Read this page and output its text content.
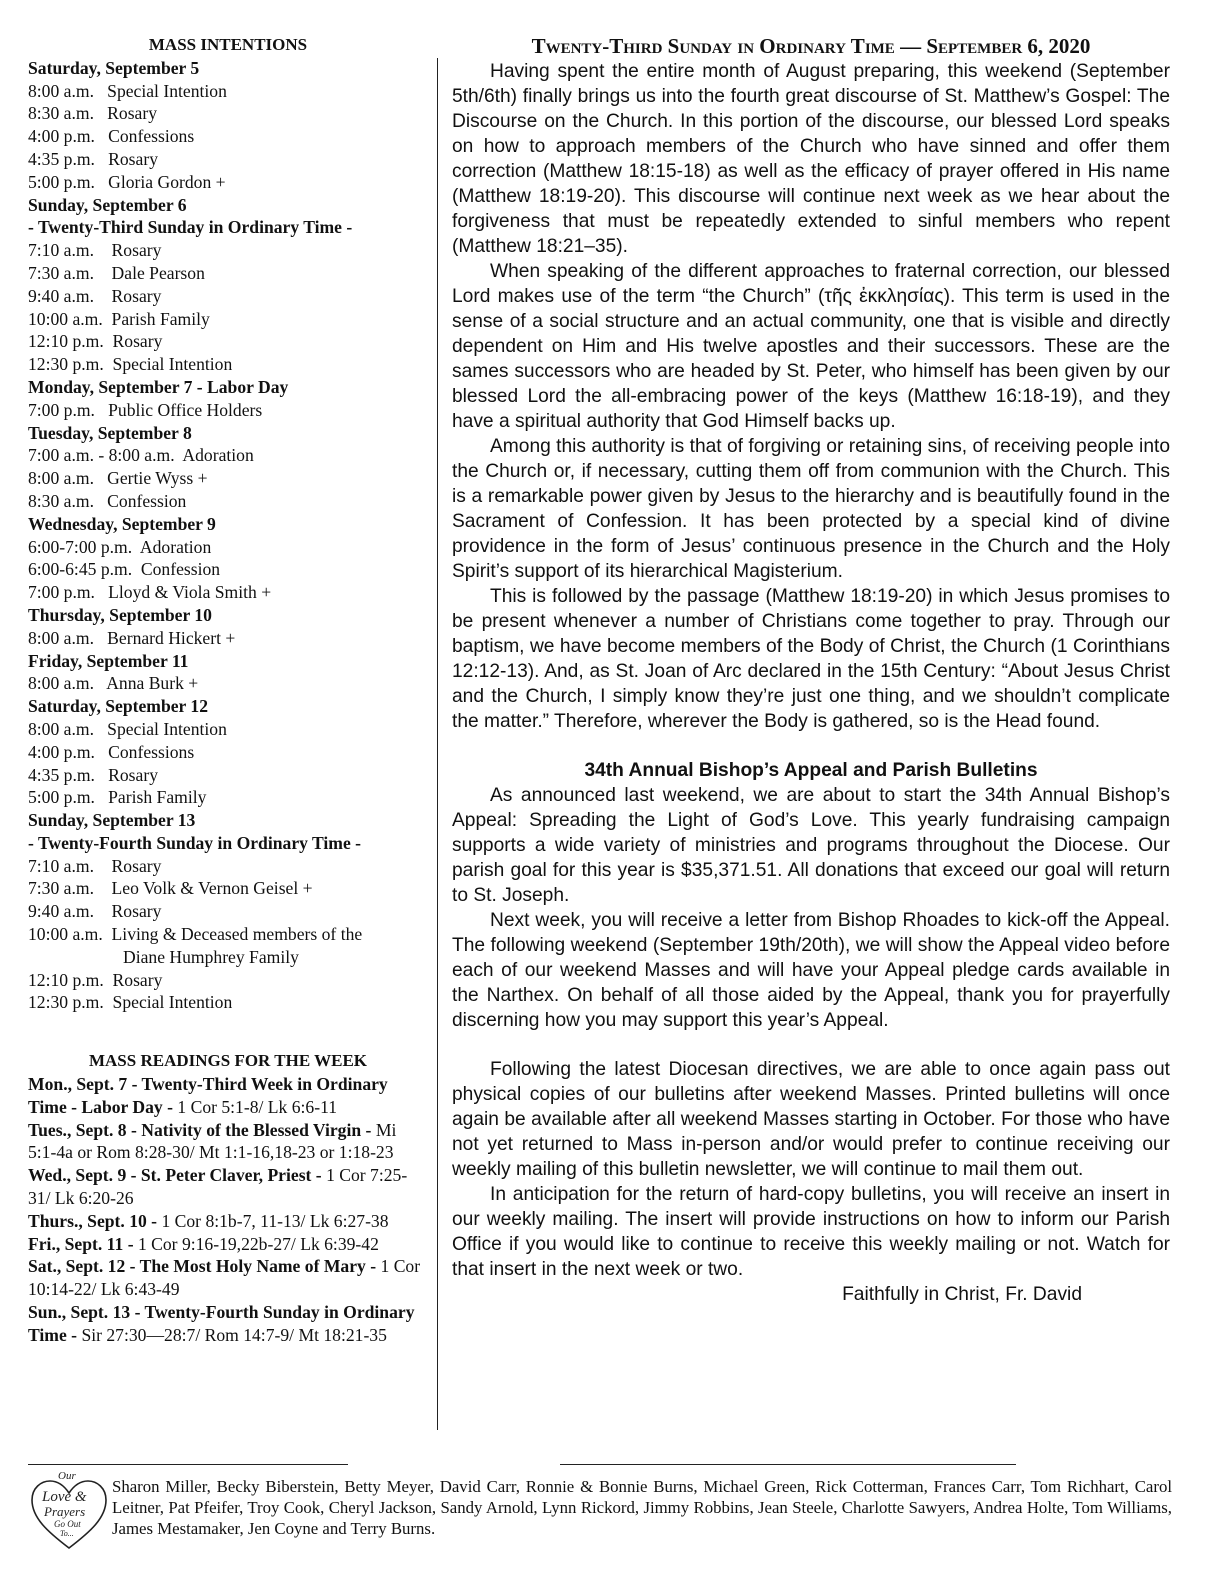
MASS INTENTIONS
Saturday, September 5
8:00 a.m.   Special Intention
8:30 a.m.   Rosary
4:00 p.m.   Confessions
4:35 p.m.   Rosary
5:00 p.m.   Gloria Gordon +
Sunday, September 6
- Twenty-Third Sunday in Ordinary Time -
7:10 a.m.    Rosary
7:30 a.m.    Dale Pearson
9:40 a.m.    Rosary
10:00 a.m.  Parish Family
12:10 p.m.  Rosary
12:30 p.m.  Special Intention
Monday, September 7 - Labor Day
7:00 p.m.   Public Office Holders
Tuesday, September 8
7:00 a.m. - 8:00 a.m.  Adoration
8:00 a.m.   Gertie Wyss +
8:30 a.m.   Confession
Wednesday, September 9
6:00-7:00 p.m.  Adoration
6:00-6:45 p.m.  Confession
7:00 p.m.   Lloyd & Viola Smith +
Thursday, September 10
8:00 a.m.   Bernard Hickert +
Friday, September 11
8:00 a.m.   Anna Burk +
Saturday, September 12
8:00 a.m.   Special Intention
4:00 p.m.   Confessions
4:35 p.m.   Rosary
5:00 p.m.   Parish Family
Sunday, September 13
- Twenty-Fourth Sunday in Ordinary Time -
7:10 a.m.    Rosary
7:30 a.m.    Leo Volk & Vernon Geisel +
9:40 a.m.    Rosary
10:00 a.m.  Living & Deceased members of the
Diane Humphrey Family
12:10 p.m.  Rosary
12:30 p.m.  Special Intention
MASS READINGS FOR THE WEEK

Mon., Sept. 7 - Twenty-Third Week in Ordinary Time - Labor Day - 1 Cor 5:1-8/ Lk 6:6-11

Tues., Sept. 8 - Nativity of the Blessed Virgin - Mi 5:1-4a or Rom 8:28-30/ Mt 1:1-16,18-23 or 1:18-23

Wed., Sept. 9 - St. Peter Claver, Priest - 1 Cor 7:25-31/ Lk 6:20-26

Thurs., Sept. 10 - 1 Cor 8:1b-7, 11-13/ Lk 6:27-38

Fri., Sept. 11 - 1 Cor 9:16-19,22b-27/ Lk 6:39-42

Sat., Sept. 12 - The Most Holy Name of Mary - 1 Cor 10:14-22/ Lk 6:43-49

Sun., Sept. 13 - Twenty-Fourth Sunday in Ordinary Time - Sir 27:30—28:7/ Rom 14:7-9/ Mt 18:21-35

Twenty-Third Sunday in Ordinary Time — September 6, 2020

Having spent the entire month of August preparing, this weekend (September 5th/6th) finally brings us into the fourth great discourse of St. Matthew’s Gospel: The Discourse on the Church. In this portion of the discourse, our blessed Lord speaks on how to approach members of the Church who have sinned and offer them correction (Matthew 18:15-18) as well as the efficacy of prayer offered in His name (Matthew 18:19-20). This discourse will continue next week as we hear about the forgiveness that must be repeatedly extended to sinful members who repent (Matthew 18:21–35).

When speaking of the different approaches to fraternal correction, our blessed Lord makes use of the term “the Church” (τῆς ἐκκλησίας). This term is used in the sense of a social structure and an actual community, one that is visible and directly dependent on Him and His twelve apostles and their successors. These are the sames successors who are headed by St. Peter, who himself has been given by our blessed Lord the all-embracing power of the keys (Matthew 16:18-19), and they have a spiritual authority that God Himself backs up.

Among this authority is that of forgiving or retaining sins, of receiving people into the Church or, if necessary, cutting them off from communion with the Church. This is a remarkable power given by Jesus to the hierarchy and is beautifully found in the Sacrament of Confession. It has been protected by a special kind of divine providence in the form of Jesus’ continuous presence in the Church and the Holy Spirit’s support of its hierarchical Magisterium.

This is followed by the passage (Matthew 18:19-20) in which Jesus promises to be present whenever a number of Christians come together to pray. Through our baptism, we have become members of the Body of Christ, the Church (1 Corinthians 12:12-13). And, as St. Joan of Arc declared in the 15th Century: “About Jesus Christ and the Church, I simply know they’re just one thing, and we shouldn’t complicate the matter.” Therefore, wherever the Body is gathered, so is the Head found.

34th Annual Bishop’s Appeal and Parish Bulletins

As announced last weekend, we are about to start the 34th Annual Bishop’s Appeal: Spreading the Light of God’s Love. This yearly fundraising campaign supports a wide variety of ministries and programs throughout the Diocese. Our parish goal for this year is $35,371.51. All donations that exceed our goal will return to St. Joseph.

Next week, you will receive a letter from Bishop Rhoades to kick-off the Appeal. The following weekend (September 19th/20th), we will show the Appeal video before each of our weekend Masses and will have your Appeal pledge cards available in the Narthex. On behalf of all those aided by the Appeal, thank you for prayerfully discerning how you may support this year’s Appeal.

Following the latest Diocesan directives, we are able to once again pass out physical copies of our bulletins after weekend Masses. Printed bulletins will once again be available after all weekend Masses starting in October. For those who have not yet returned to Mass in-person and/or would prefer to continue receiving our weekly mailing of this bulletin newsletter, we will continue to mail them out.

In anticipation for the return of hard-copy bulletins, you will receive an insert in our weekly mailing. The insert will provide instructions on how to inform our Parish Office if you would like to continue to receive this weekly mailing or not. Watch for that insert in the next week or two.

Faithfully in Christ, Fr. David

Our
Love &
Prayers
Go Out
To...
Sharon Miller, Becky Biberstein, Betty Meyer, David Carr, Ronnie & Bonnie Burns, Michael Green, Rick Cotterman, Frances Carr, Tom Richhart, Carol Leitner, Pat Pfeifer, Troy Cook, Cheryl Jackson, Sandy Arnold, Lynn Rickord, Jimmy Robbins, Jean Steele, Charlotte Sawyers, Andrea Holte, Tom Williams, James Mestamaker, Jen Coyne and Terry Burns.
